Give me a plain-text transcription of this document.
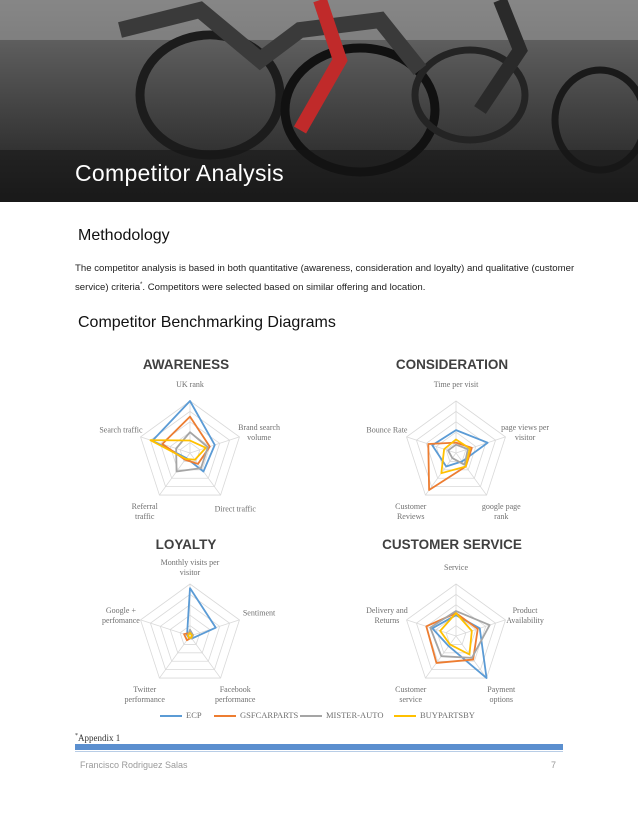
Competitor Analysis
Methodology
The competitor analysis is based in both quantitative (awareness, consideration and loyalty) and qualitative (customer service) criteria*. Competitors were selected based on similar offering and location.
Competitor Benchmarking Diagrams
AWARENESS	CONSIDERATION
LOYALTY	CUSTOMER SERVICE
UK rank
Brand search volume
Direct traffic
Referral traffic
Search traffic
Time per visit
page views per visitor
google page rank
Customer Reviews
Bounce Rate
Monthly visits per visitor
Sentiment
Facebook performance
Twitter performance
Google + perfomance
Service
Product Availability
Payment options
Customer service
Delivery and Returns
ECP	GSFCARPARTS	MISTER-AUTO	BUYPARTSBY
*Appendix 1
Francisco Rodriguez Salas	7
